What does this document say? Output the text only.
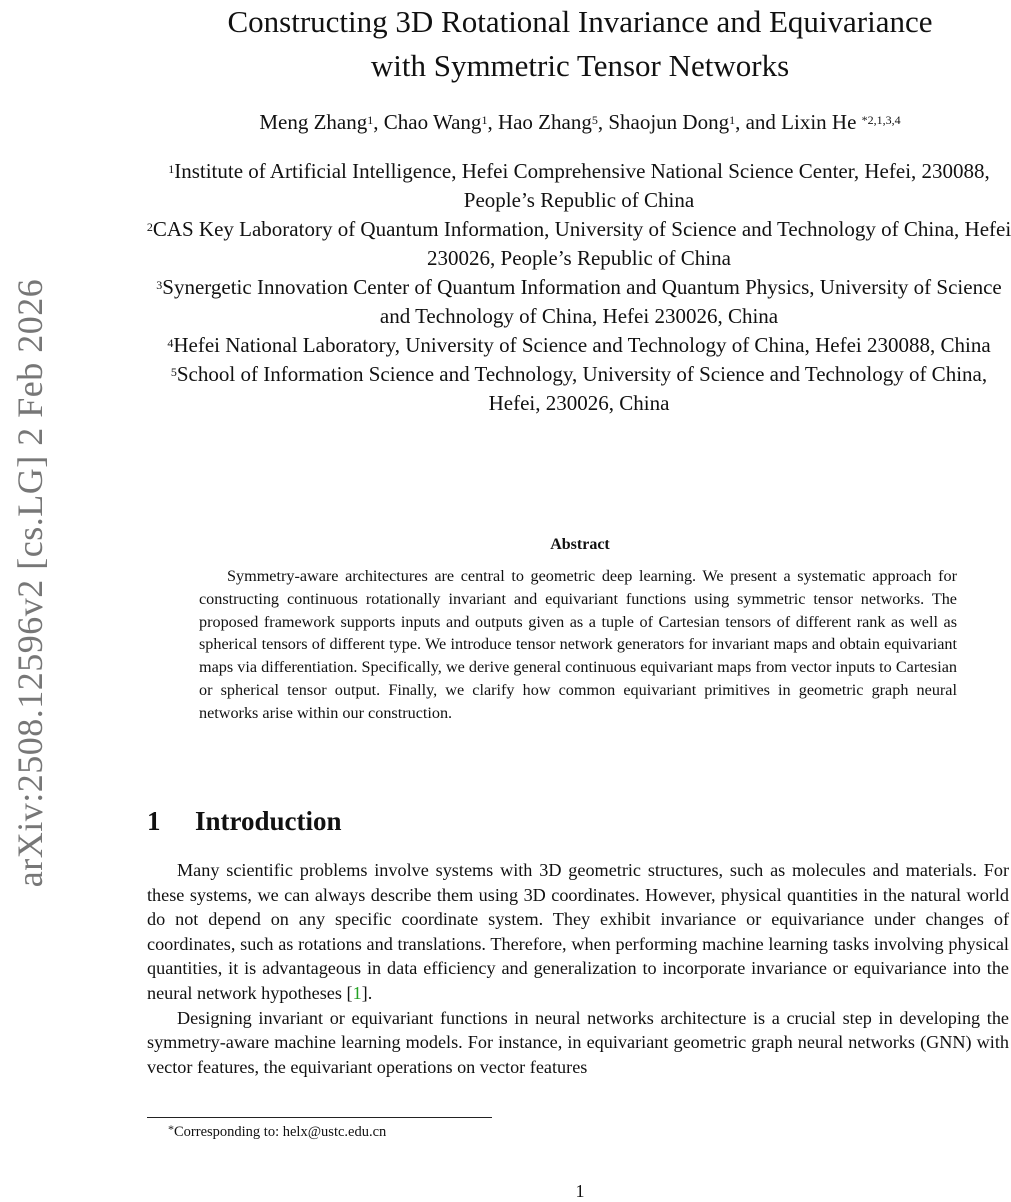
arXiv:2508.12596v2 [cs.LG] 2 Feb 2026
Constructing 3D Rotational Invariance and Equivariance
with Symmetric Tensor Networks
Meng Zhang$^1$, Chao Wang$^1$, Hao Zhang$^5$, Shaojun Dong$^1$, and Lixin He $^{*2,1,3,4}$

$^1$Institute of Artificial Intelligence, Hefei Comprehensive National Science Center, Hefei, 230088, People’s Republic of China

$^2$CAS Key Laboratory of Quantum Information, University of Science and Technology of China, Hefei 230026, People’s Republic of China

$^3$Synergetic Innovation Center of Quantum Information and Quantum Physics, University of Science and Technology of China, Hefei 230026, China

$^4$Hefei National Laboratory, University of Science and Technology of China, Hefei 230088, China

$^5$School of Information Science and Technology, University of Science and Technology of China, Hefei, 230026, China

Abstract
Symmetry-aware architectures are central to geometric deep learning. We present a systematic approach for constructing continuous rotationally invariant and equivariant functions using symmetric tensor networks. The proposed framework supports inputs and outputs given as a tuple of Cartesian tensors of different rank as well as spherical tensors of different type. We introduce tensor network generators for invariant maps and obtain equivariant maps via differentiation. Specifically, we derive general continuous equivariant maps from vector inputs to Cartesian or spherical tensor output. Finally, we clarify how common equivariant primitives in geometric graph neural networks arise within our construction.
1 Introduction

Many scientific problems involve systems with 3D geometric structures, such as molecules and materials. For these systems, we can always describe them using 3D coordinates. However, physical quantities in the natural world do not depend on any specific coordinate system. They exhibit invariance or equivariance under changes of coordinates, such as rotations and translations. Therefore, when performing machine learning tasks involving physical quantities, it is advantageous in data efficiency and generalization to incorporate invariance or equivariance into the neural network hypotheses [1].

Designing invariant or equivariant functions in neural networks architecture is a crucial step in developing the symmetry-aware machine learning models. For instance, in equivariant geometric graph neural networks (GNN) with vector features, the equivariant operations on vector features

*Corresponding to: helx@ustc.edu.cn
1
